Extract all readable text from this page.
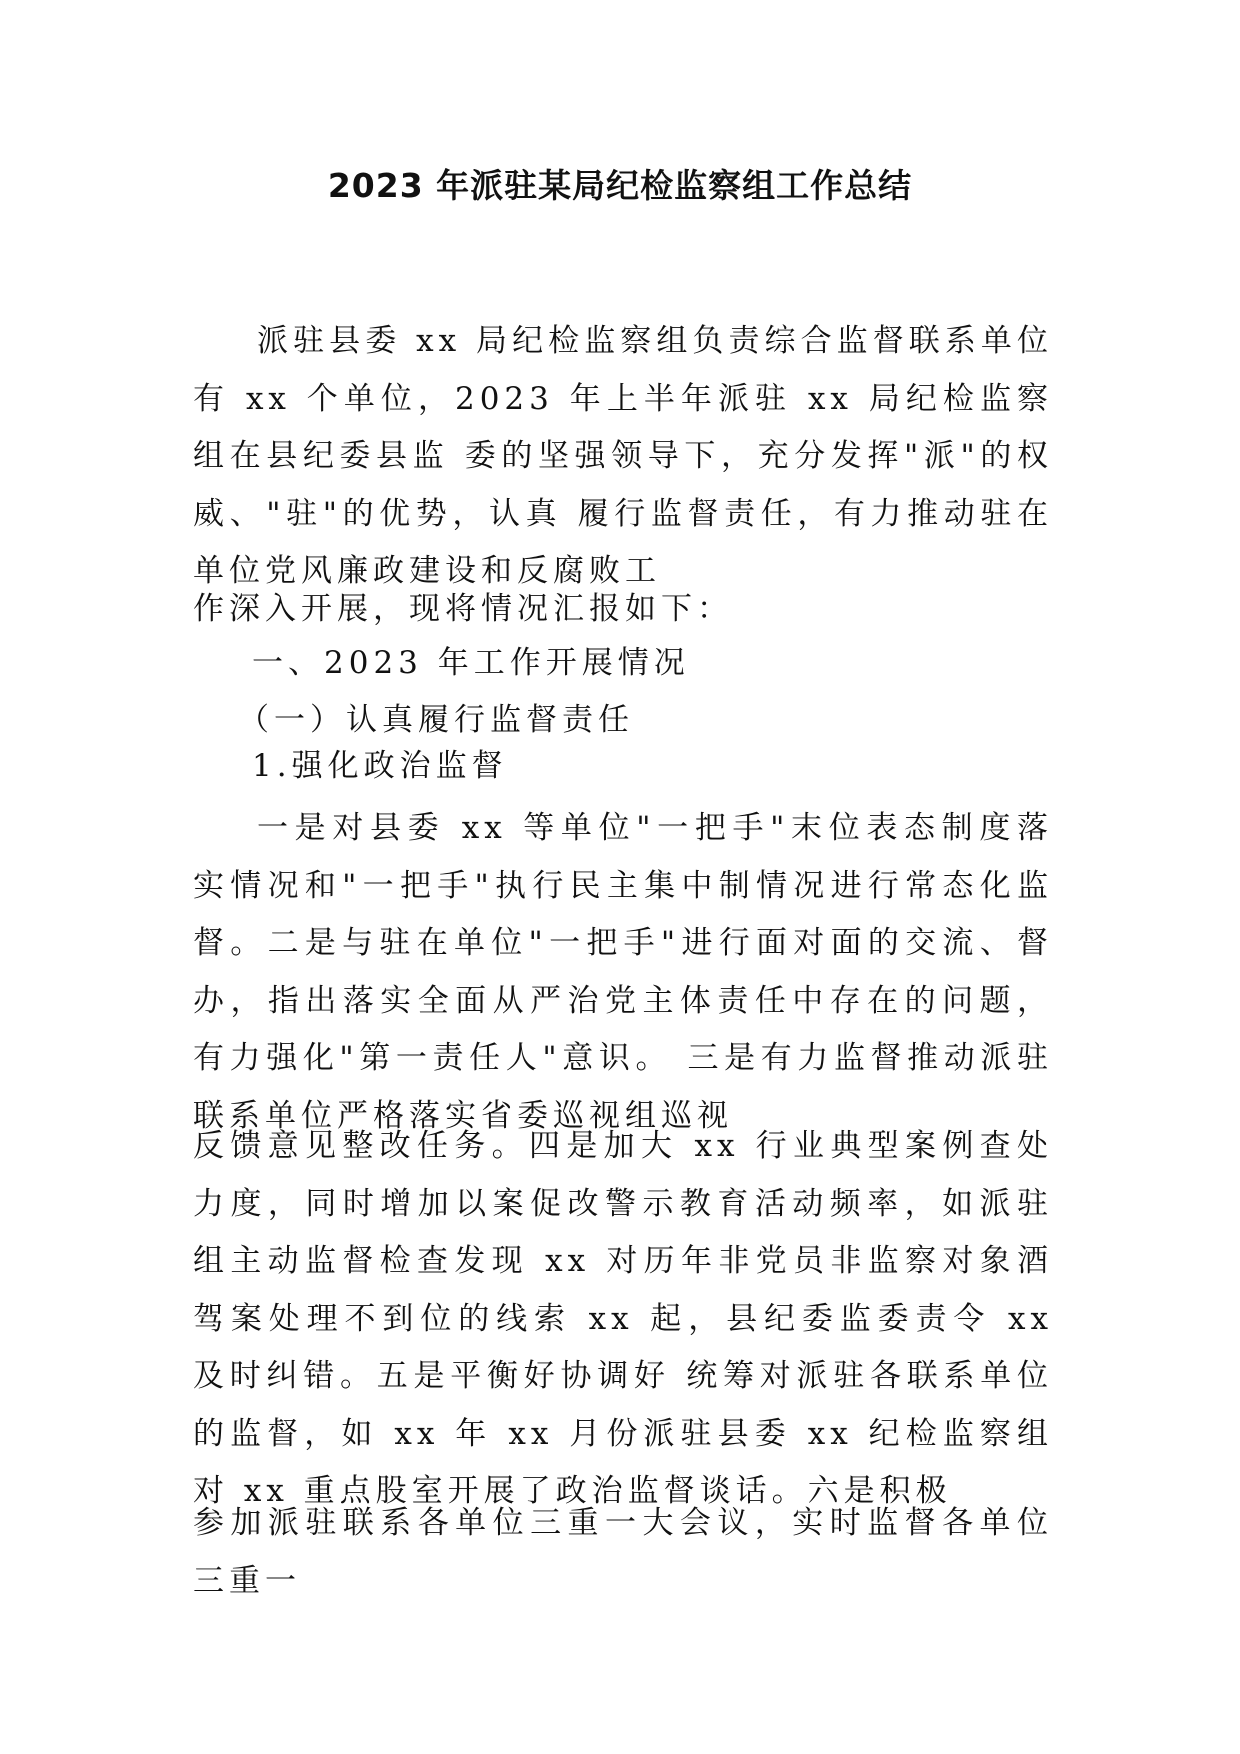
2023 年派驻某局纪检监察组工作总结

派驻县委 xx 局纪检监察组负责综合监督联系单位有 xx 个单位，2023 年上半年派驻 xx 局纪检监察组在县纪委县监 委的坚强领导下，充分发挥"派"的权威、"驻"的优势，认真 履行监督责任，有力推动驻在单位党风廉政建设和反腐败工

作深入开展，现将情况汇报如下：

一、2023 年工作开展情况

（一）认真履行监督责任

1.强化政治监督

一是对县委 xx 等单位"一把手"末位表态制度落实情况和"一把手"执行民主集中制情况进行常态化监督。二是与驻在单位"一把手"进行面对面的交流、督办，指出落实全面从严治党主体责任中存在的问题，有力强化"第一责任人"意识。 三是有力监督推动派驻联系单位严格落实省委巡视组巡视

反馈意见整改任务。四是加大 xx 行业典型案例查处力度，同时增加以案促改警示教育活动频率，如派驻组主动监督检查发现 xx 对历年非党员非监察对象酒驾案处理不到位的线索 xx 起，县纪委监委责令 xx 及时纠错。五是平衡好协调好 统筹对派驻各联系单位的监督，如 xx 年 xx 月份派驻县委 xx 纪检监察组对 xx 重点股室开展了政治监督谈话。六是积极

参加派驻联系各单位三重一大会议，实时监督各单位三重一
